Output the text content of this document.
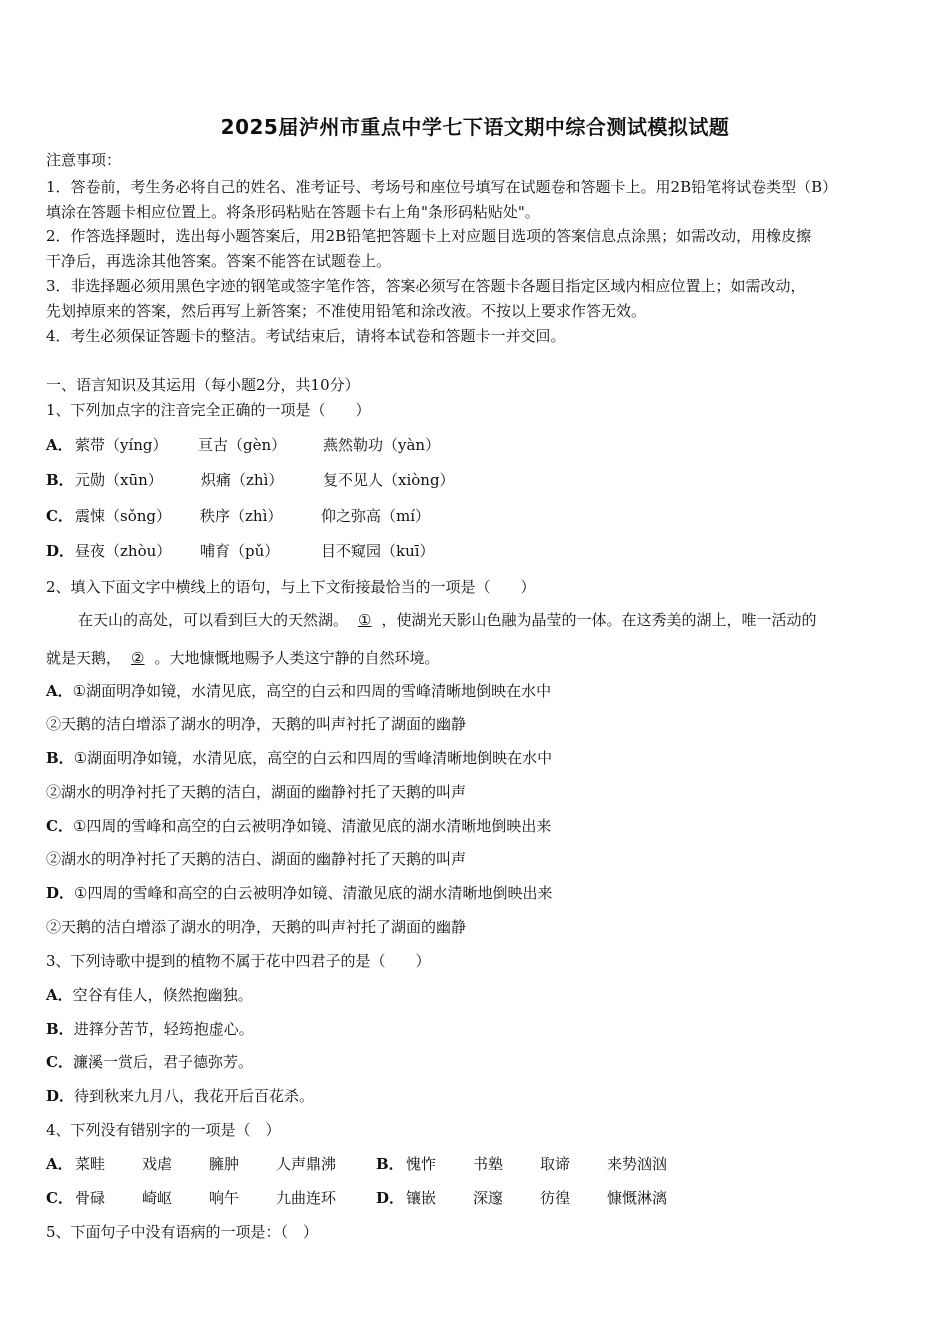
2025届泸州市重点中学七下语文期中综合测试模拟试题
注意事项：
1．答卷前，考生务必将自己的姓名、准考证号、考场号和座位号填写在试题卷和答题卡上。用2B铅笔将试卷类型（B）
填涂在答题卡相应位置上。将条形码粘贴在答题卡右上角"条形码粘贴处"。
2．作答选择题时，选出每小题答案后，用2B铅笔把答题卡上对应题目选项的答案信息点涂黑；如需改动，用橡皮擦
干净后，再选涂其他答案。答案不能答在试题卷上。
3．非选择题必须用黑色字迹的钢笔或签字笔作答，答案必须写在答题卡各题目指定区域内相应位置上；如需改动，
先划掉原来的答案，然后再写上新答案；不准使用铅笔和涂改液。不按以上要求作答无效。
4．考生必须保证答题卡的整洁。考试结束后，请将本试卷和答题卡一并交回。
一、语言知识及其运用（每小题2分，共10分）
1、下列加点字的注音完全正确的一项是（　　）
A． 萦带（yíng） 亘古（gèn） 燕然勒功（yàn）
B． 元勋（xūn）	炽痛（zhì）	复不见人（xiòng）
C． 震悚（sǒng） 秩序（zhì）	仰之弥高（mí）
D． 昼夜（zhòu） 哺育（pǔ）	目不窥园（kuī）
2、填入下面文字中横线上的语句，与上下文衔接最恰当的一项是（　　）
在天山的高处，可以看到巨大的天然湖。 ① ，使湖光天影山色融为晶莹的一体。在这秀美的湖上，唯一活动的
就是天鹅， ② 。大地慷慨地赐予人类这宁静的自然环境。
A．①湖面明净如镜，水清见底，高空的白云和四周的雪峰清晰地倒映在水中
②天鹅的洁白增添了湖水的明净，天鹅的叫声衬托了湖面的幽静
B．①湖面明净如镜，水清见底，高空的白云和四周的雪峰清晰地倒映在水中
②湖水的明净衬托了天鹅的洁白，湖面的幽静衬托了天鹅的叫声
C．①四周的雪峰和高空的白云被明净如镜、清澈见底的湖水清晰地倒映出来
②湖水的明净衬托了天鹅的洁白、湖面的幽静衬托了天鹅的叫声
D．①四周的雪峰和高空的白云被明净如镜、清澈见底的湖水清晰地倒映出来
②天鹅的洁白增添了湖水的明净，天鹅的叫声衬托了湖面的幽静
3、下列诗歌中提到的植物不属于花中四君子的是（　　）
A．空谷有佳人，倏然抱幽独。
B．进箨分苦节，轻筠抱虚心。
C．濂溪一赏后，君子德弥芳。
D．待到秋来九月八，我花开后百花杀。
4、下列没有错别字的一项是（　）
A． 菜畦 戏虐 臃肿 人声鼎沸	B． 愧怍 书塾 取谛 来势汹汹
C． 骨碌 崎岖 响午 九曲连环	D． 镶嵌 深邃 彷徨 慷慨淋漓
5、下面句子中没有语病的一项是：（　）
